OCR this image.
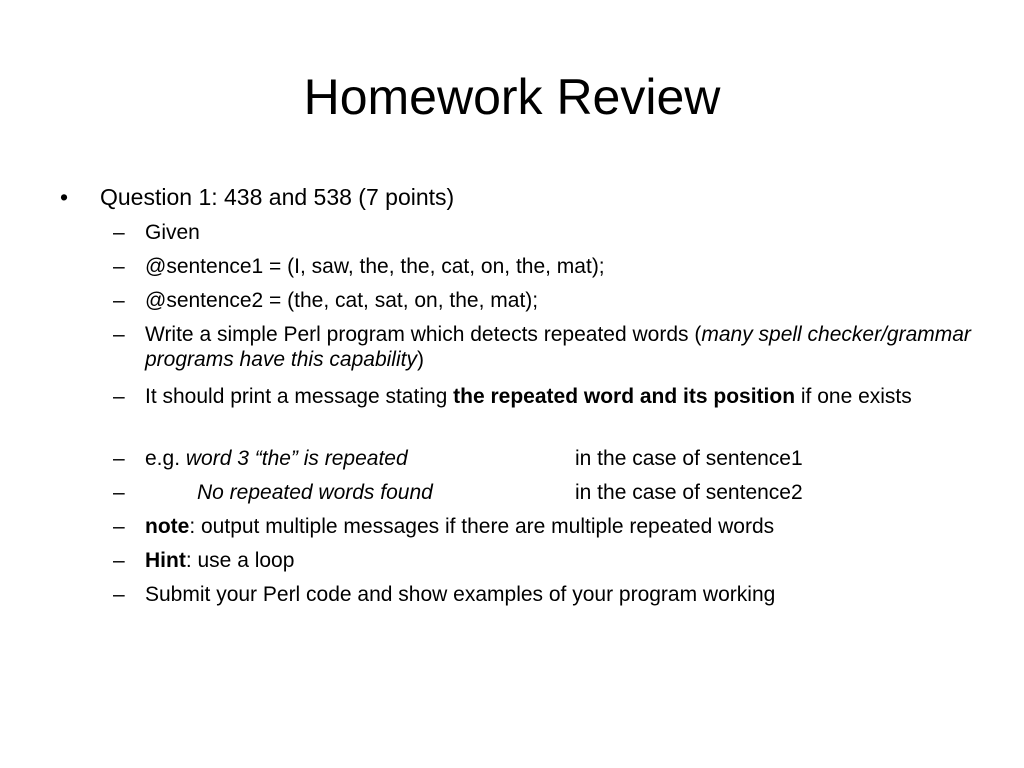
Homework Review
•	Question 1: 438 and 538 (7 points)
– Given
– @sentence1 = (I, saw, the, the, cat, on, the, mat);
– @sentence2 = (the, cat, sat, on, the, mat);
– Write a simple Perl program which detects repeated words (many spell checker/grammar programs have this capability)
– It should print a message stating the repeated word and its position if one exists
– e.g. word 3 “the” is repeated	in the case of sentence1
–	No repeated words found	in the case of sentence2
– note: output multiple messages if there are multiple repeated words
– Hint: use a loop
– Submit your Perl code and show examples of your program working
